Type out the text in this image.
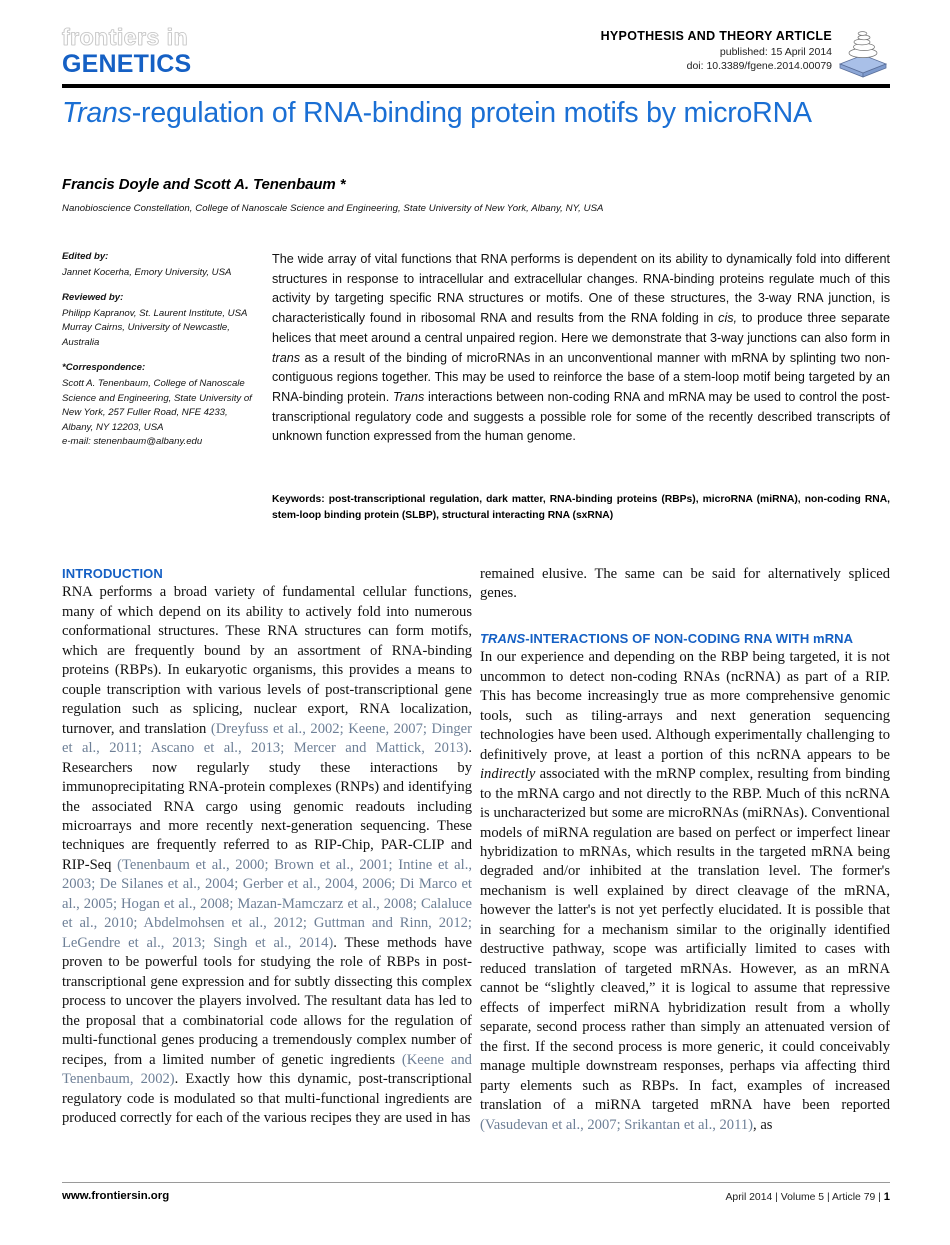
frontiers in
GENETICS
HYPOTHESIS AND THEORY ARTICLE
published: 15 April 2014
doi: 10.3389/fgene.2014.00079
Trans-regulation of RNA-binding protein motifs by microRNA
Francis Doyle and Scott A. Tenenbaum *
Nanobioscience Constellation, College of Nanoscale Science and Engineering, State University of New York, Albany, NY, USA
Edited by:
Jannet Kocerha, Emory University, USA
Reviewed by:
Philipp Kapranov, St. Laurent Institute, USA
Murray Cairns, University of Newcastle, Australia
*Correspondence:
Scott A. Tenenbaum, College of Nanoscale Science and Engineering, State University of New York, 257 Fuller Road, NFE 4233, Albany, NY 12203, USA
e-mail: stenenbaum@albany.edu
The wide array of vital functions that RNA performs is dependent on its ability to dynamically fold into different structures in response to intracellular and extracellular changes. RNA-binding proteins regulate much of this activity by targeting specific RNA structures or motifs. One of these structures, the 3-way RNA junction, is characteristically found in ribosomal RNA and results from the RNA folding in cis, to produce three separate helices that meet around a central unpaired region. Here we demonstrate that 3-way junctions can also form in trans as a result of the binding of microRNAs in an unconventional manner with mRNA by splinting two non-contiguous regions together. This may be used to reinforce the base of a stem-loop motif being targeted by an RNA-binding protein. Trans interactions between non-coding RNA and mRNA may be used to control the post-transcriptional regulatory code and suggests a possible role for some of the recently described transcripts of unknown function expressed from the human genome.
Keywords: post-transcriptional regulation, dark matter, RNA-binding proteins (RBPs), microRNA (miRNA), non-coding RNA, stem-loop binding protein (SLBP), structural interacting RNA (sxRNA)
INTRODUCTION

RNA performs a broad variety of fundamental cellular functions, many of which depend on its ability to actively fold into numerous conformational structures. These RNA structures can form motifs, which are frequently bound by an assortment of RNA-binding proteins (RBPs). In eukaryotic organisms, this provides a means to couple transcription with various levels of post-transcriptional gene regulation such as splicing, nuclear export, RNA localization, turnover, and translation (Dreyfuss et al., 2002; Keene, 2007; Dinger et al., 2011; Ascano et al., 2013; Mercer and Mattick, 2013). Researchers now regularly study these interactions by immunoprecipitating RNA-protein complexes (RNPs) and identifying the associated RNA cargo using genomic readouts including microarrays and more recently next-generation sequencing. These techniques are frequently referred to as RIP-Chip, PAR-CLIP and RIP-Seq (Tenenbaum et al., 2000; Brown et al., 2001; Intine et al., 2003; De Silanes et al., 2004; Gerber et al., 2004, 2006; Di Marco et al., 2005; Hogan et al., 2008; Mazan-Mamczarz et al., 2008; Calaluce et al., 2010; Abdelmohsen et al., 2012; Guttman and Rinn, 2012; LeGendre et al., 2013; Singh et al., 2014). These methods have proven to be powerful tools for studying the role of RBPs in post-transcriptional gene expression and for subtly dissecting this complex process to uncover the players involved. The resultant data has led to the proposal that a combinatorial code allows for the regulation of multi-functional genes producing a tremendously complex number of recipes, from a limited number of genetic ingredients (Keene and Tenenbaum, 2002). Exactly how this dynamic, post-transcriptional regulatory code is modulated so that multi-functional ingredients are produced correctly for each of the various recipes they are used in has

remained elusive. The same can be said for alternatively spliced genes.

TRANS-INTERACTIONS OF NON-CODING RNA WITH mRNA

In our experience and depending on the RBP being targeted, it is not uncommon to detect non-coding RNAs (ncRNA) as part of a RIP. This has become increasingly true as more comprehensive genomic tools, such as tiling-arrays and next generation sequencing technologies have been used. Although experimentally challenging to definitively prove, at least a portion of this ncRNA appears to be indirectly associated with the mRNP complex, resulting from binding to the mRNA cargo and not directly to the RBP. Much of this ncRNA is uncharacterized but some are microRNAs (miRNAs). Conventional models of miRNA regulation are based on perfect or imperfect linear hybridization to mRNAs, which results in the targeted mRNA being degraded and/or inhibited at the translation level. The former's mechanism is well explained by direct cleavage of the mRNA, however the latter's is not yet perfectly elucidated. It is possible that in searching for a mechanism similar to the originally identified destructive pathway, scope was artificially limited to cases with reduced translation of targeted mRNAs. However, as an mRNA cannot be “slightly cleaved,” it is logical to assume that repressive effects of imperfect miRNA hybridization result from a wholly separate, second process rather than simply an attenuated version of the first. If the second process is more generic, it could conceivably manage multiple downstream responses, perhaps via affecting third party elements such as RBPs. In fact, examples of increased translation of a miRNA targeted mRNA have been reported (Vasudevan et al., 2007; Srikantan et al., 2011), as

www.frontiersin.org	April 2014 | Volume 5 | Article 79 | 1
